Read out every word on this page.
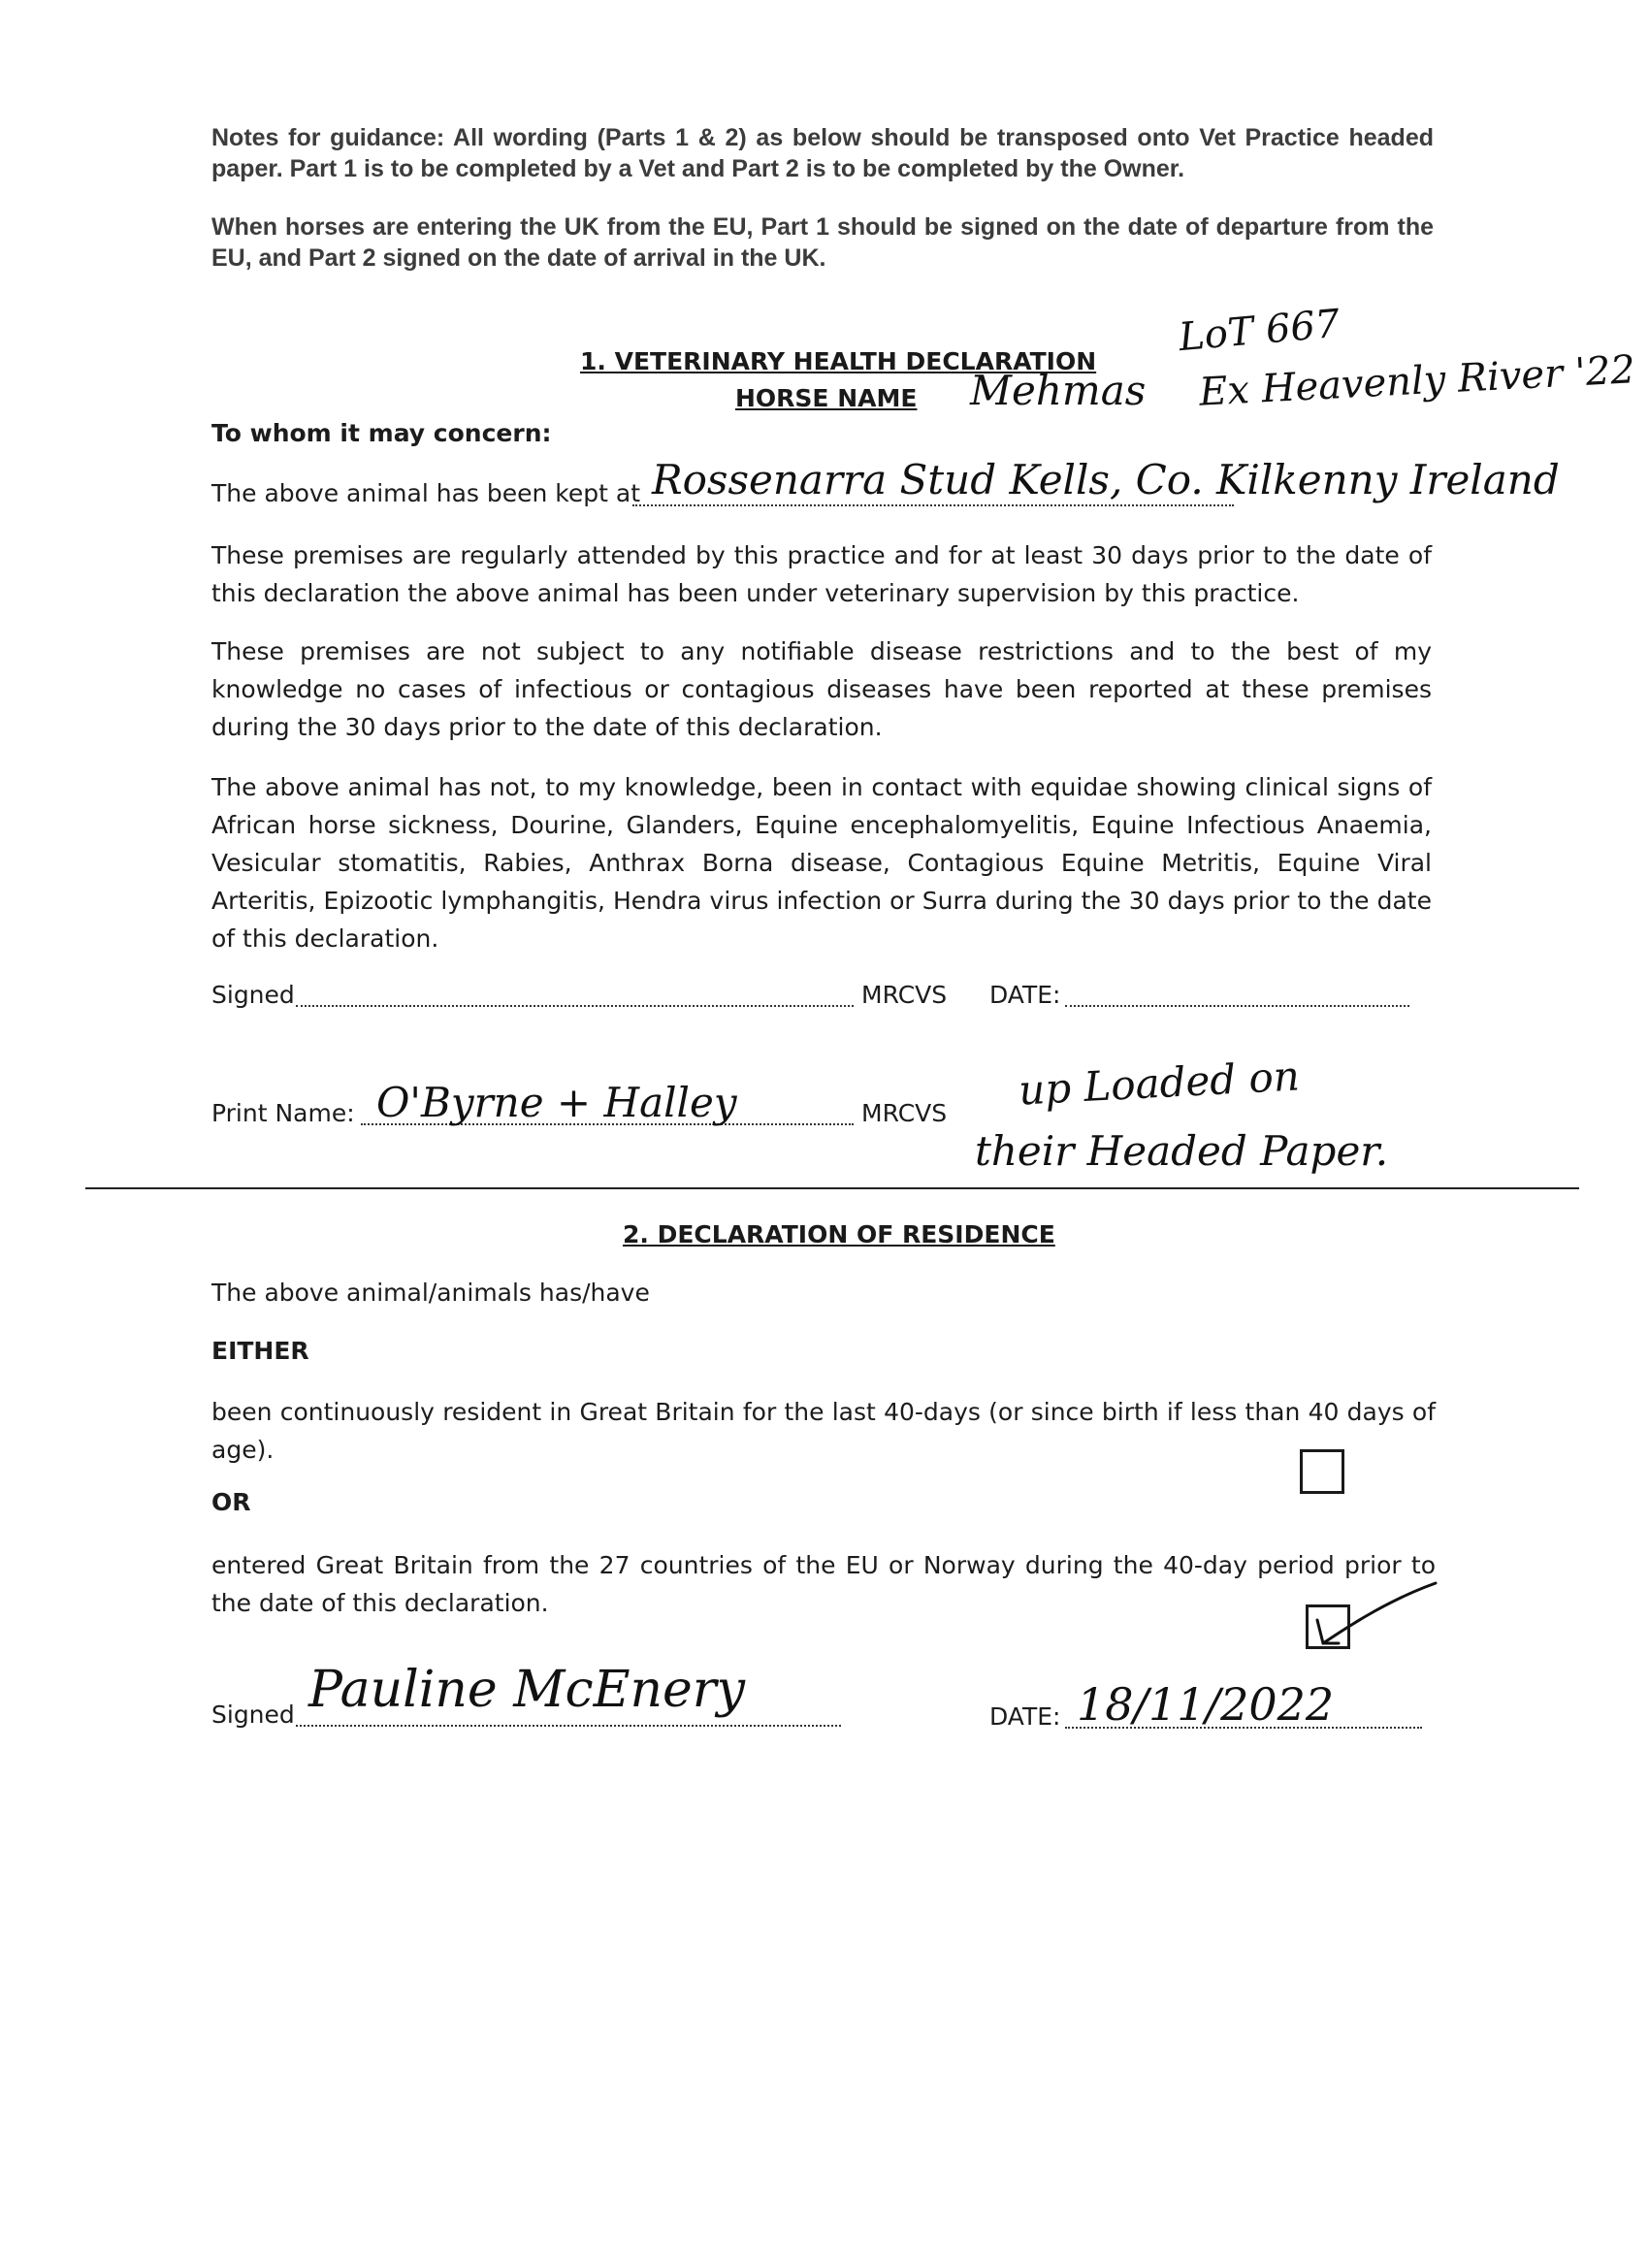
Notes for guidance: All wording (Parts 1 & 2) as below should be transposed onto Vet Practice headed paper. Part 1 is to be completed by a Vet and Part 2 is to be completed by the Owner.
When horses are entering the UK from the EU, Part 1 should be signed on the date of departure from the EU, and Part 2 signed on the date of arrival in the UK.
1. VETERINARY HEALTH DECLARATION
HORSE NAME
LoT 667
Mehmas Ex Heavenly River '22
To whom it may concern:
The above animal has been kept at Rossenarra Stud Kells, Co. Kilkenny Ireland
These premises are regularly attended by this practice and for at least 30 days prior to the date of this declaration the above animal has been under veterinary supervision by this practice.
These premises are not subject to any notifiable disease restrictions and to the best of my knowledge no cases of infectious or contagious diseases have been reported at these premises during the 30 days prior to the date of this declaration.
The above animal has not, to my knowledge, been in contact with equidae showing clinical signs of African horse sickness, Dourine, Glanders, Equine encephalomyelitis, Equine Infectious Anaemia, Vesicular stomatitis, Rabies, Anthrax Borna disease, Contagious Equine Metritis, Equine Viral Arteritis, Epizootic lymphangitis, Hendra virus infection or Surra during the 30 days prior to the date of this declaration.
Signed	MRCVS DATE:
Print Name: O'Byrne + Halley	MRCVS up Loaded on
their Headed Paper.
2. DECLARATION OF RESIDENCE
The above animal/animals has/have
EITHER
been continuously resident in Great Britain for the last 40-days (or since birth if less than 40 days of age).
OR
entered Great Britain from the 27 countries of the EU or Norway during the 40-day period prior to the date of this declaration.
Signed Pauline McEnery	DATE: 18/11/2022
